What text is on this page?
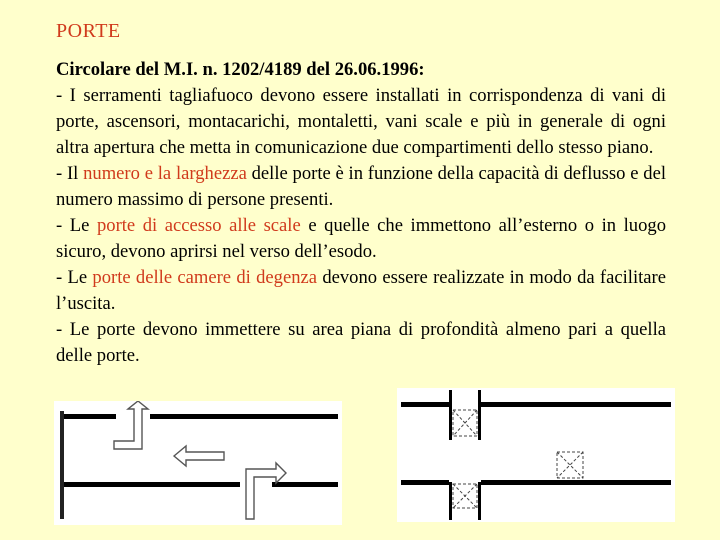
PORTE
Circolare del M.I. n. 1202/4189 del 26.06.1996:
- I serramenti tagliafuoco devono essere installati in corrispondenza di vani di porte, ascensori, montacarichi, montaletti, vani scale e più in generale di ogni altra apertura che metta in comunicazione due compartimenti dello stesso piano.
- Il numero e la larghezza delle porte è in funzione della capacità di deflusso e del numero massimo di persone presenti.
- Le porte di accesso alle scale e quelle che immettono all’esterno o in luogo sicuro, devono aprirsi nel verso dell’esodo.
- Le porte delle camere di degenza devono essere realizzate in modo da facilitare l’uscita.
- Le porte devono immettere su area piana di profondità almeno pari a quella delle porte.
